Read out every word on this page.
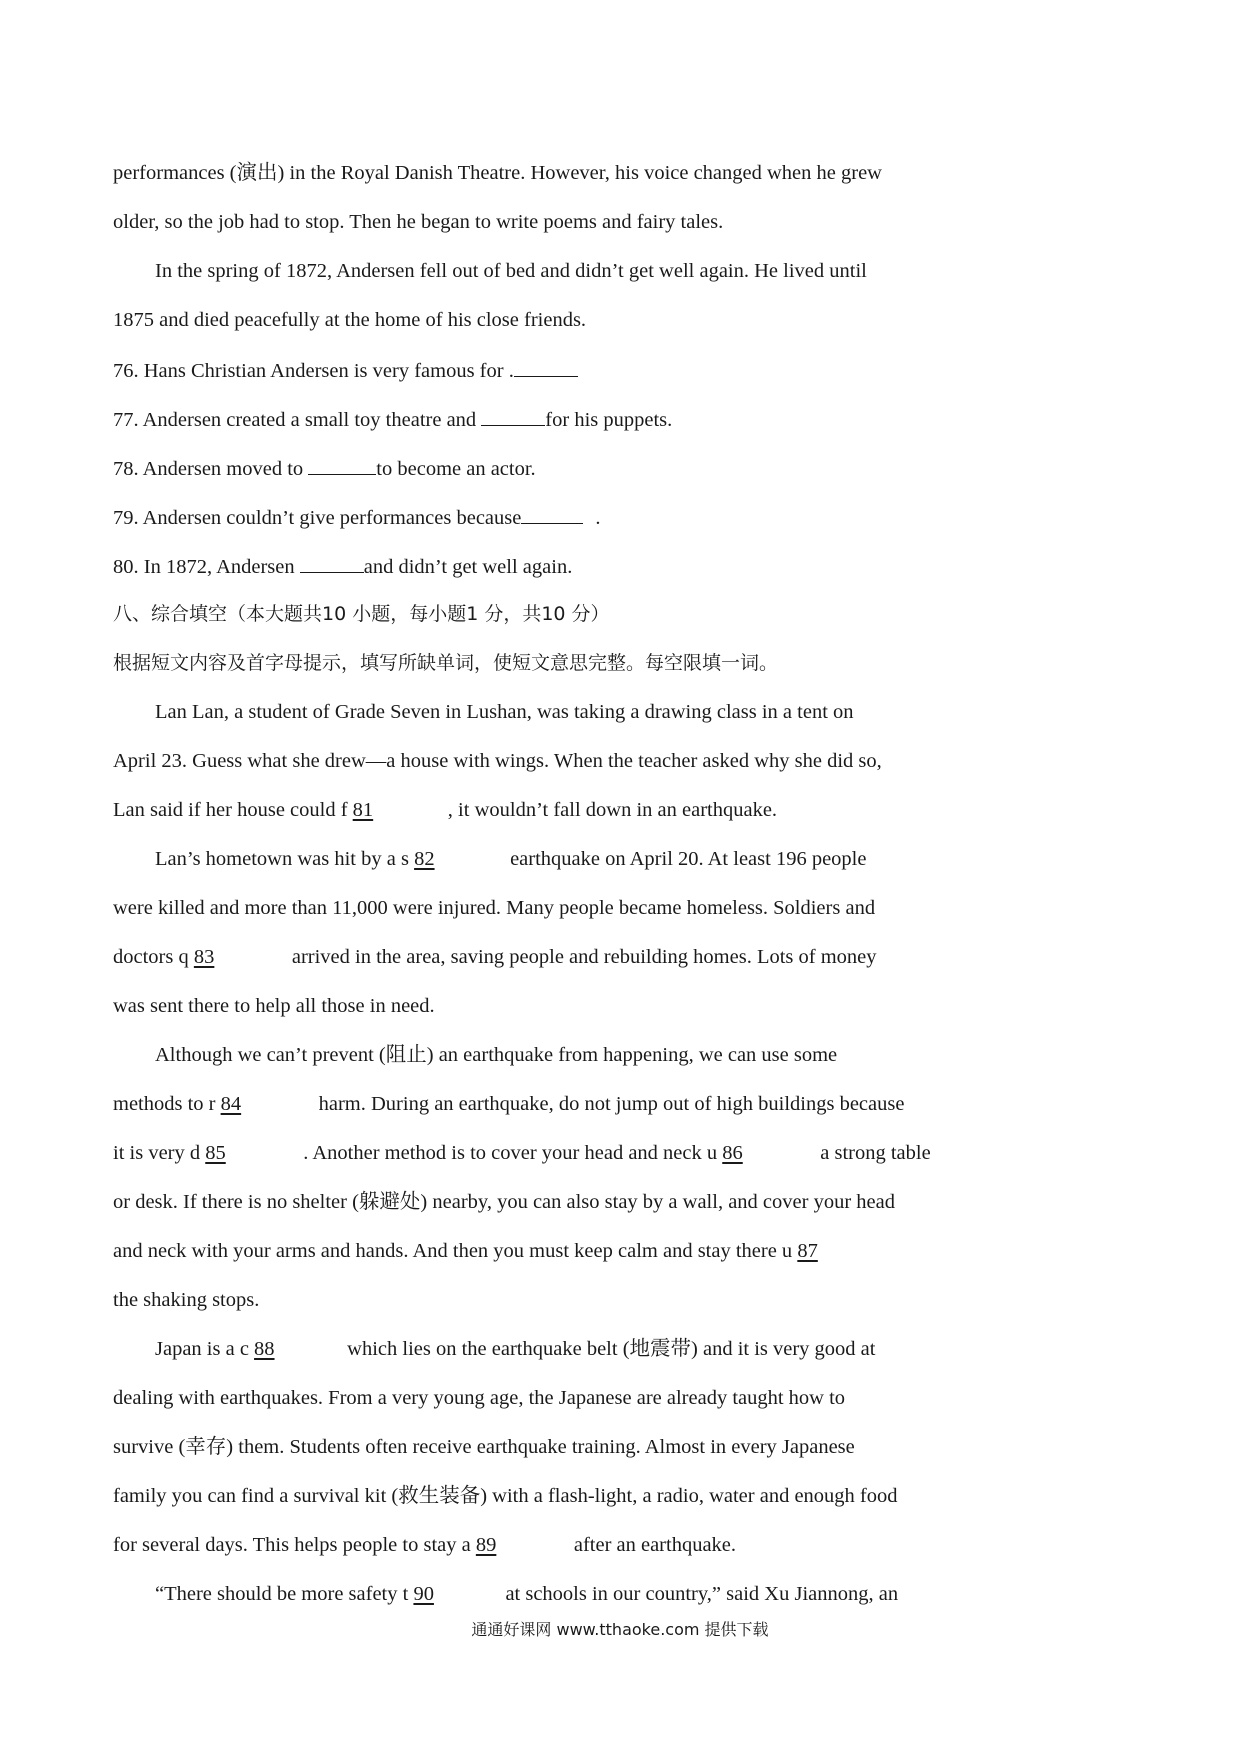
performances (演出) in the Royal Danish Theatre. However, his voice changed when he grew

older, so the job had to stop. Then he began to write poems and fairy tales.

In the spring of 1872, Andersen fell out of bed and didn’t get well again. He lived until

1875 and died peacefully at the home of his close friends.

76. Hans Christian Andersen is very famous for .

77. Andersen created a small toy theatre and	for his puppets.

78. Andersen moved to	to become an actor.

79. Andersen couldn’t give performances because	.

80. In 1872, Andersen	and didn’t get well again.

八、综合填空（本大题共10 小题，每小题1 分，共10 分）

根据短文内容及首字母提示，填写所缺单词，使短文意思完整。每空限填一词。

Lan Lan, a student of Grade Seven in Lushan, was taking a drawing class in a tent on

April 23. Guess what she drew—a house with wings. When the teacher asked why she did so,

Lan said if her house could f 81	, it wouldn’t fall down in an earthquake.

Lan’s hometown was hit by a s 82	earthquake on April 20. At least 196 people

were killed and more than 11,000 were injured. Many people became homeless. Soldiers and

doctors q 83	arrived in the area, saving people and rebuilding homes. Lots of money

was sent there to help all those in need.

Although we can’t prevent (阻止) an earthquake from happening, we can use some

methods to r 84	harm. During an earthquake, do not jump out of high buildings because

it is very d 85	. Another method is to cover your head and neck u 86	a strong table

or desk. If there is no shelter (躲避处) nearby, you can also stay by a wall, and cover your head

and neck with your arms and hands. And then you must keep calm and stay there u 87

the shaking stops.

Japan is a c 88	which lies on the earthquake belt (地震带) and it is very good at

dealing with earthquakes. From a very young age, the Japanese are already taught how to

survive (幸存) them. Students often receive earthquake training. Almost in every Japanese

family you can find a survival kit (救生装备) with a flash-light, a radio, water and enough food

for several days. This helps people to stay a 89	after an earthquake.

“There should be more safety t 90	at schools in our country,” said Xu Jiannong, an

通通好课网 www.tthaoke.com 提供下载
